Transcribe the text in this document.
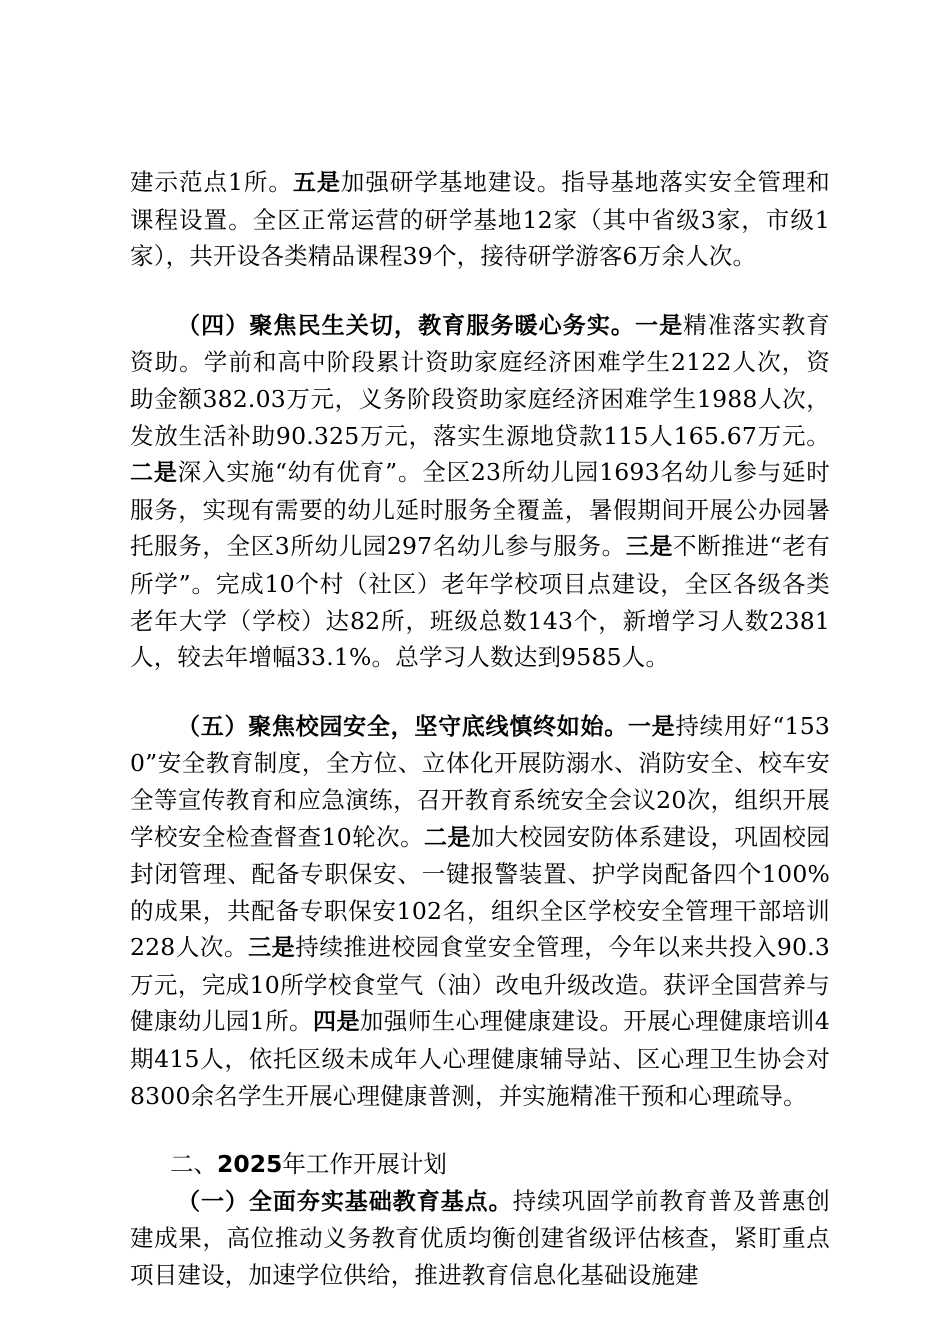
建示范点1所。五是加强研学基地建设。指导基地落实安全管理和课程设置。全区正常运营的研学基地12家（其中省级3家，市级1家），共开设各类精品课程39个，接待研学游客6万余人次。

（四）聚焦民生关切，教育服务暖心务实。一是精准落实教育资助。学前和高中阶段累计资助家庭经济困难学生2122人次，资助金额382.03万元，义务阶段资助家庭经济困难学生1988人次，发放生活补助90.325万元，落实生源地贷款115人165.67万元。二是深入实施“幼有优育”。全区23所幼儿园1693名幼儿参与延时服务，实现有需要的幼儿延时服务全覆盖，暑假期间开展公办园暑托服务，全区3所幼儿园297名幼儿参与服务。三是不断推进“老有所学”。完成10个村（社区）老年学校项目点建设，全区各级各类老年大学（学校）达82所，班级总数143个，新增学习人数2381人，较去年增幅33.1%。总学习人数达到9585人。

（五）聚焦校园安全，坚守底线慎终如始。一是持续用好“1530”安全教育制度，全方位、立体化开展防溺水、消防安全、校车安全等宣传教育和应急演练，召开教育系统安全会议20次，组织开展学校安全检查督查10轮次。二是加大校园安防体系建设，巩固校园封闭管理、配备专职保安、一键报警装置、护学岗配备四个100%的成果，共配备专职保安102名，组织全区学校安全管理干部培训228人次。三是持续推进校园食堂安全管理，今年以来共投入90.3万元，完成10所学校食堂气（油）改电升级改造。获评全国营养与健康幼儿园1所。四是加强师生心理健康建设。开展心理健康培训4期415人，依托区级未成年人心理健康辅导站、区心理卫生协会对8300余名学生开展心理健康普测，并实施精准干预和心理疏导。

二、2025年工作开展计划

（一）全面夯实基础教育基点。持续巩固学前教育普及普惠创建成果，高位推动义务教育优质均衡创建省级评估核查，紧盯重点项目建设，加速学位供给，推进教育信息化基础设施建
